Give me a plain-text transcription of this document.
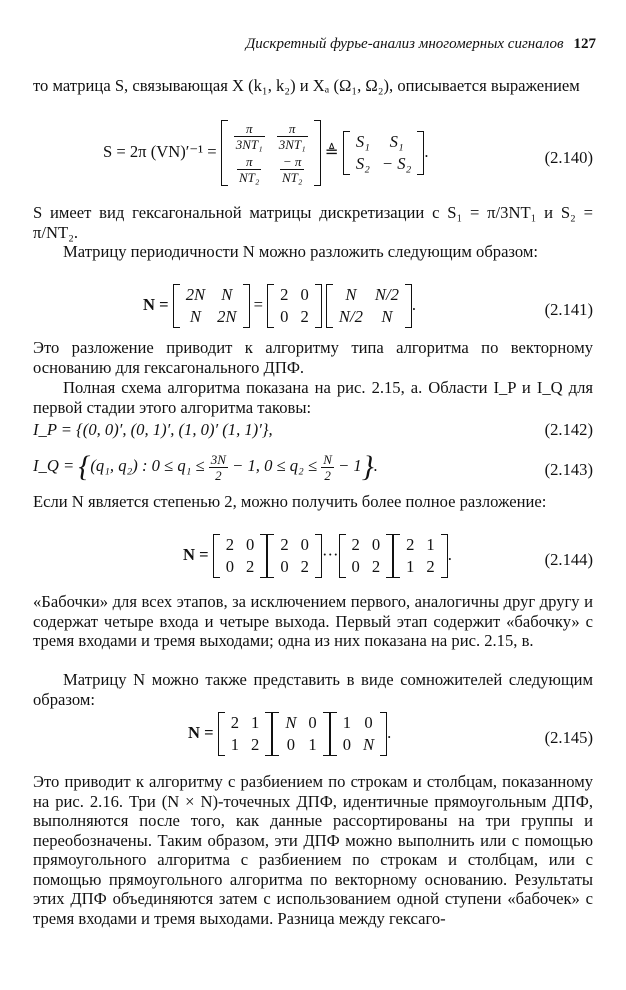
Дискретный фурье-анализ многомерных сигналов 127
то матрица S, связывающая X (k₁, k₂) и Xₐ (Ω₁, Ω₂), описывается выражением
S = 2π $(VN)'^{-1} = \frac{\pi}{\text{3NT₁}}$	$\frac{\pi}{\text{3NT₁}}$

$\frac{\pi}{\text{NT₂}}$	$\frac{- \pi}{\text{NT₂}}$
≜
S₁	S₁
S₂	− S₂
.	(2.140)
S имеет вид гексагональной матрицы дискретизации с S₁ = π/3NT₁ и S₂ = π/NT₂.
Матрицу периодичности N можно разложить следующим образом:
N =
2N	N
N	2N
=
2	0
0	2

N	N/2
N/2	N
.	(2.141)
Это разложение приводит к алгоритму типа алгоритма по векторному основанию для гексагонального ДПФ.
Полная схема алгоритма показана на рис. 2.15, а. Области I_P и I_Q для первой стадии этого алгоритма таковы:
I_P = {(0, 0)′, (0, 1)′, (1, 0)′ (1, 1)′},	(2.142)
I_Q = {(q₁, q₂) : $0 \le q_1 \le \frac{3N}{2} - 1$, $0 \le q_2 \le \frac{N}{2} - 1$}.	(2.143)
Если N является степенью 2, можно получить более полное разложение:
N =
2	0
0	2
2	0
0	2
···
2	0
0	2
2	1
1	2
.	(2.144)
«Бабочки» для всех этапов, за исключением первого, аналогичны друг другу и содержат четыре входа и четыре выхода. Первый этап содержит «бабочку» с тремя входами и тремя выходами; одна из них показана на рис. 2.15, в.
Матрицу N можно также представить в виде сомножителей следующим образом:
N =
2	1
1	2
N	0
0	1
1	0
0	N
.	(2.145)
Это приводит к алгоритму с разбиением по строкам и столбцам, показанному на рис. 2.16. Три (N × N)-точечных ДПФ, идентичные прямоугольным ДПФ, выполняются после того, как данные рассортированы на три группы и переобозначены. Таким образом, эти ДПФ можно выполнить или с помощью прямоугольного алгоритма с разбиением по строкам и столбцам, или с помощью прямоугольного алгоритма по векторному основанию. Результаты этих ДПФ объединяются затем с использованием одной ступени «бабочек» с тремя входами и тремя выходами. Разница между гексаго-
